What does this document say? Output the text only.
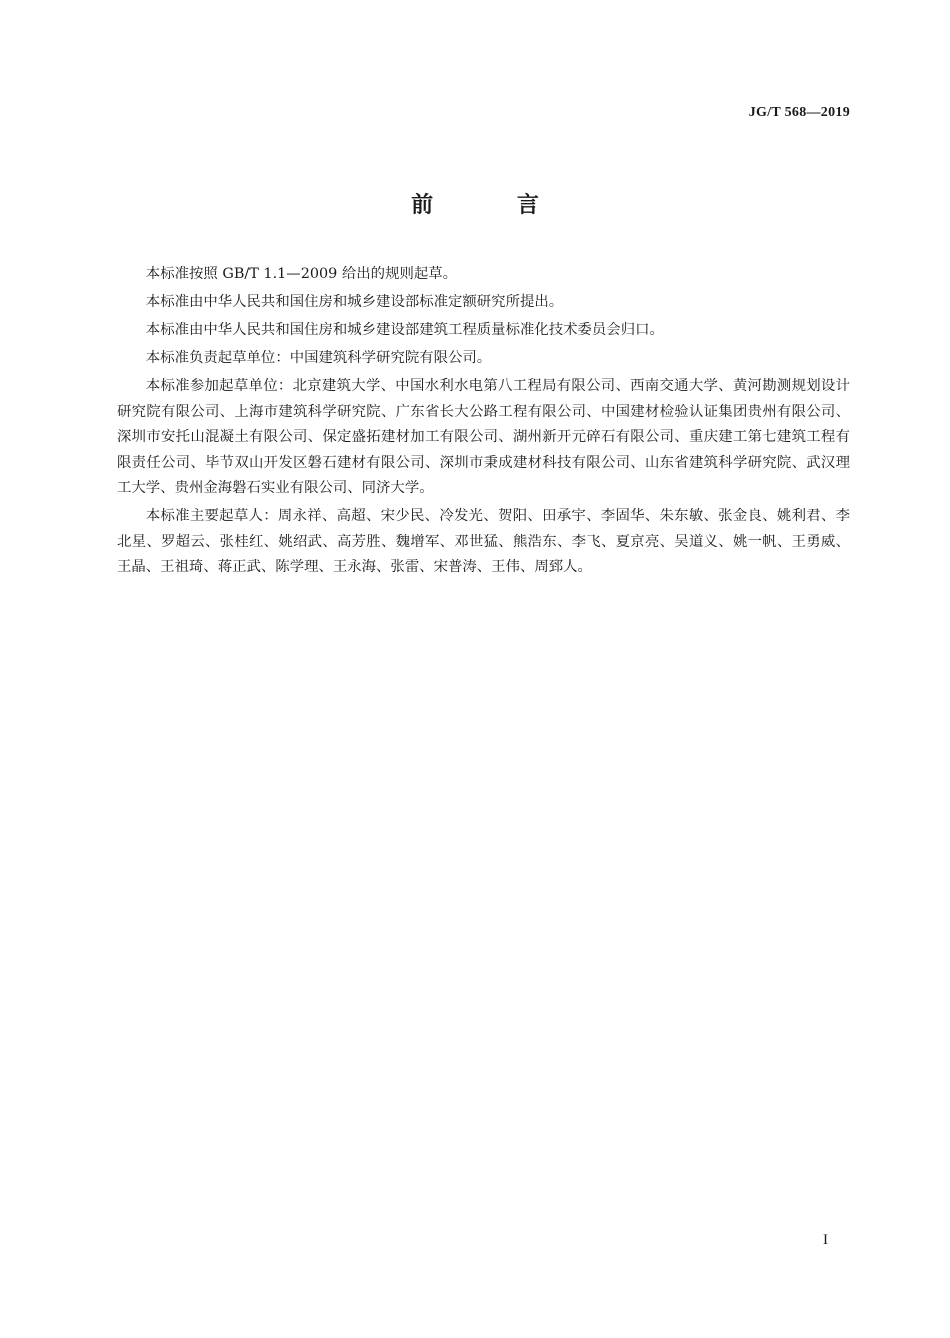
JG/T 568—2019
前 言

本标准按照 GB/T 1.1—2009 给出的规则起草。

本标准由中华人民共和国住房和城乡建设部标准定额研究所提出。

本标准由中华人民共和国住房和城乡建设部建筑工程质量标准化技术委员会归口。

本标准负责起草单位：中国建筑科学研究院有限公司。

本标准参加起草单位：北京建筑大学、中国水利水电第八工程局有限公司、西南交通大学、黄河勘测规划设计研究院有限公司、上海市建筑科学研究院、广东省长大公路工程有限公司、中国建材检验认证集团贵州有限公司、深圳市安托山混凝土有限公司、保定盛拓建材加工有限公司、湖州新开元碎石有限公司、重庆建工第七建筑工程有限责任公司、毕节双山开发区磐石建材有限公司、深圳市秉成建材科技有限公司、山东省建筑科学研究院、武汉理工大学、贵州金海磐石实业有限公司、同济大学。

本标准主要起草人：周永祥、高超、宋少民、冷发光、贺阳、田承宇、李固华、朱东敏、张金良、姚利君、李北星、罗超云、张桂红、姚绍武、高芳胜、魏增军、邓世猛、熊浩东、李飞、夏京亮、吴道义、姚一帆、王勇威、王晶、王祖琦、蒋正武、陈学理、王永海、张雷、宋普涛、王伟、周郅人。

I
